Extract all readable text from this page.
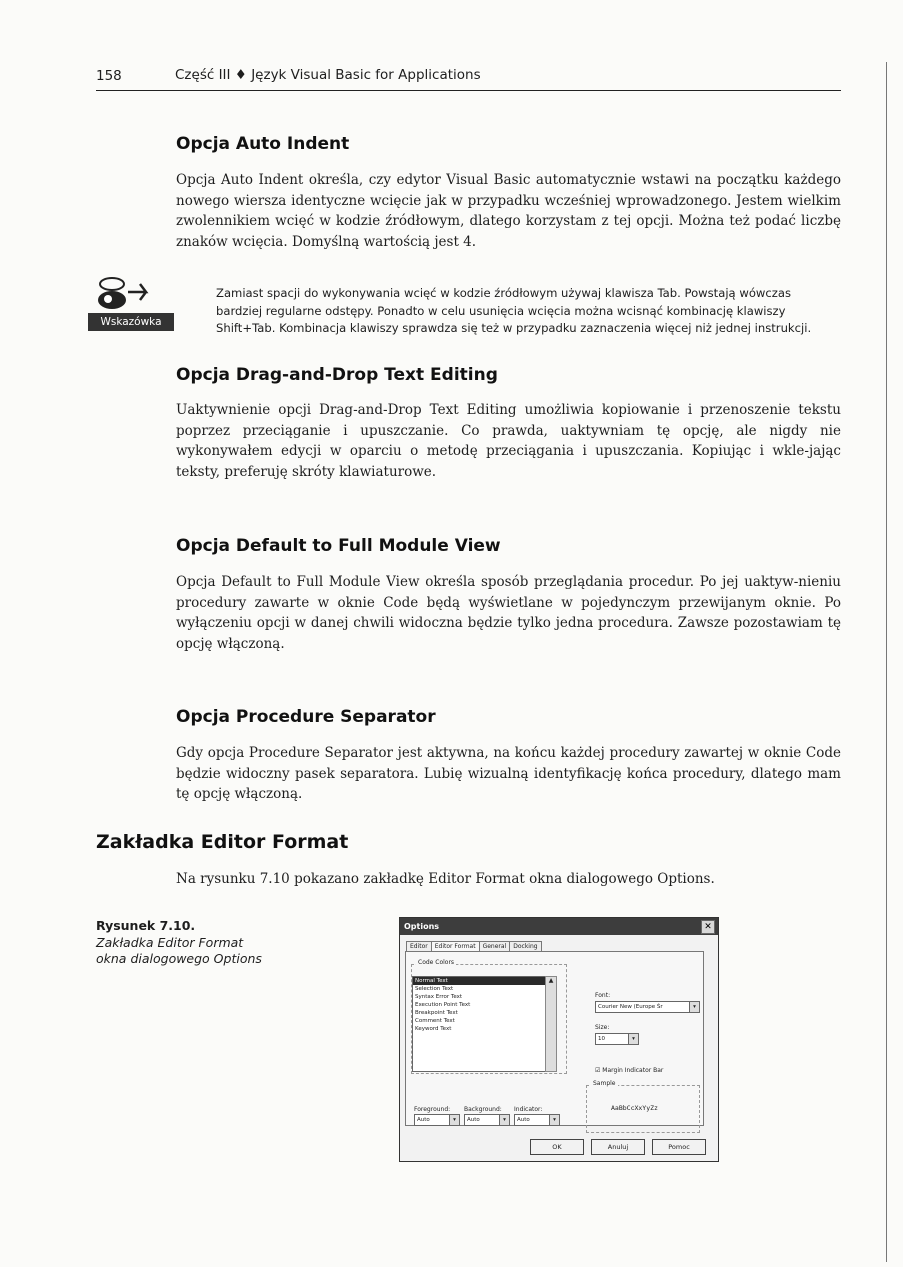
158	Część III ♦ Język Visual Basic for Applications
Opcja Auto Indent
Opcja Auto Indent określa, czy edytor Visual Basic automatycznie wstawi na początku każdego nowego wiersza identyczne wcięcie jak w przypadku wcześniej wprowadzonego. Jestem wielkim zwolennikiem wcięć w kodzie źródłowym, dlatego korzystam z tej opcji. Można też podać liczbę znaków wcięcia. Domyślną wartością jest 4.
Wskazówka
Zamiast spacji do wykonywania wcięć w kodzie źródłowym używaj klawisza Tab. Powstają wówczas bardziej regularne odstępy. Ponadto w celu usunięcia wcięcia można wcisnąć kombinację klawiszy Shift+Tab. Kombinacja klawiszy sprawdza się też w przypadku zaznaczenia więcej niż jednej instrukcji.
Opcja Drag-and-Drop Text Editing
Uaktywnienie opcji Drag-and-Drop Text Editing umożliwia kopiowanie i przenoszenie tekstu poprzez przeciąganie i upuszczanie. Co prawda, uaktywniam tę opcję, ale nigdy nie wykonywałem edycji w oparciu o metodę przeciągania i upuszczania. Kopiując i wkle-jając teksty, preferuję skróty klawiaturowe.
Opcja Default to Full Module View
Opcja Default to Full Module View określa sposób przeglądania procedur. Po jej uaktyw-nieniu procedury zawarte w oknie Code będą wyświetlane w pojedynczym przewijanym oknie. Po wyłączeniu opcji w danej chwili widoczna będzie tylko jedna procedura. Zawsze pozostawiam tę opcję włączoną.
Opcja Procedure Separator
Gdy opcja Procedure Separator jest aktywna, na końcu każdej procedury zawartej w oknie Code będzie widoczny pasek separatora. Lubię wizualną identyfikację końca procedury, dlatego mam tę opcję włączoną.
Zakładka Editor Format
Na rysunku 7.10 pokazano zakładkę Editor Format okna dialogowego Options.
Rysunek 7.10.
Zakładka Editor Format okna dialogowego Options
Options	✕
Editor	Editor Format	General	Docking
Code Colors
Normal Text
Selection Text
Syntax Error Text
Execution Point Text
Breakpoint Text
Comment Text
Keyword Text
▲
Font:
Courier New (Europe Śr	▾
Size:
10	▾
☑ Margin Indicator Bar
Sample
AaBbCcXxYyZz
Foreground:
Auto	▾
Background:
Auto	▾
Indicator:
Auto	▾
OK	Anuluj	Pomoc
